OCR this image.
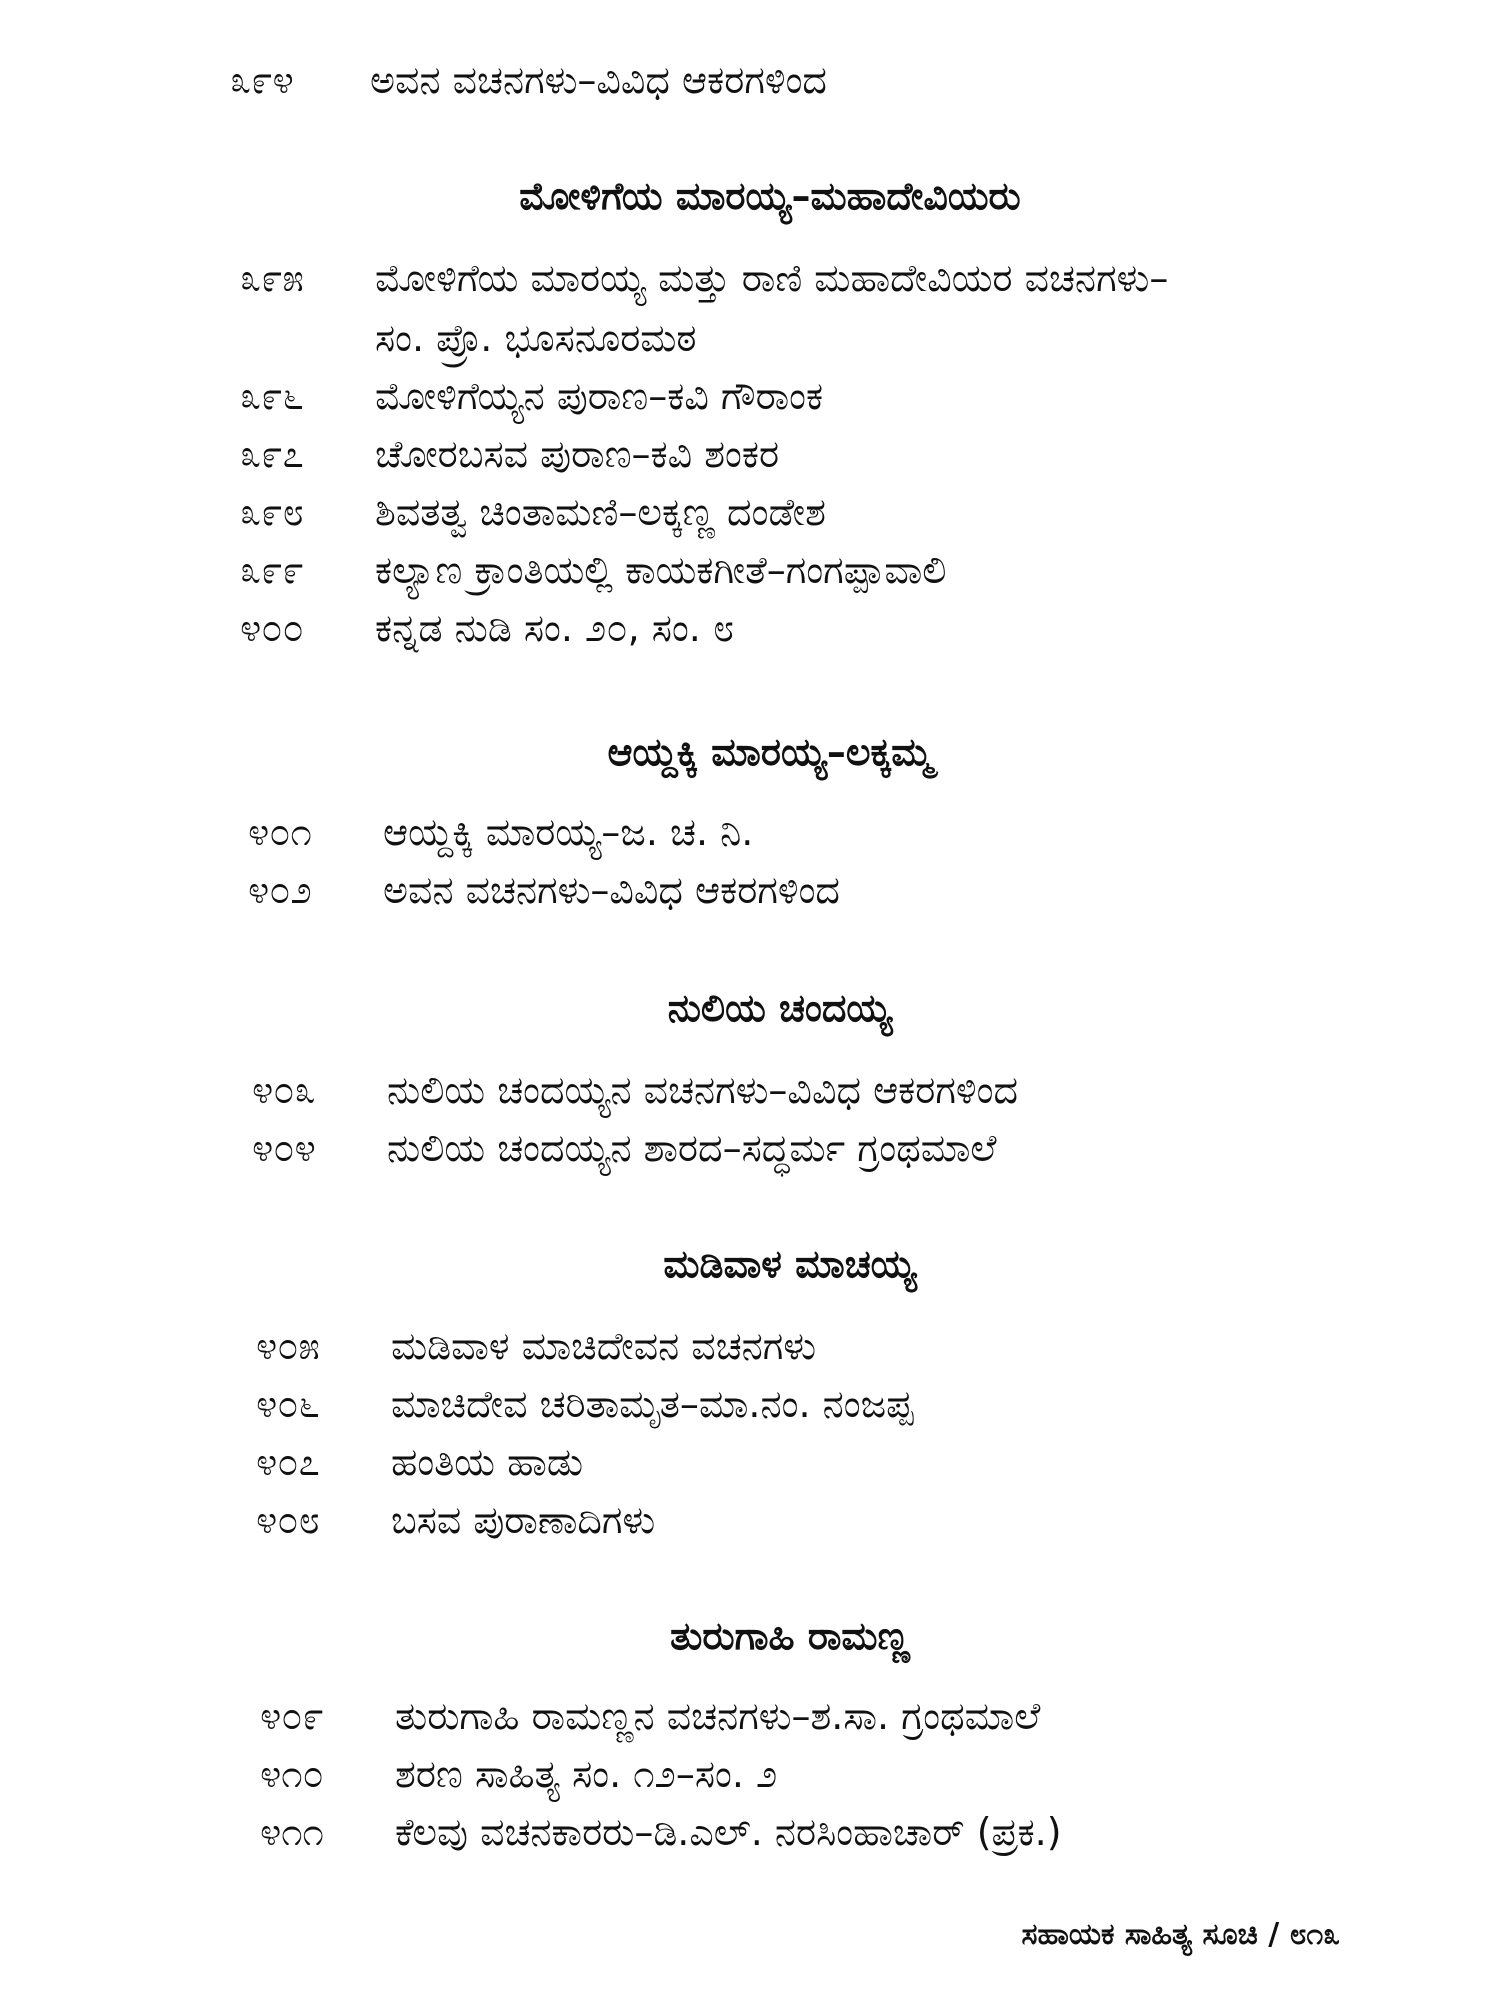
೩೯೪ ಅವನ ವಚನಗಳು–ವಿವಿಧ ಆಕರಗಳಿಂದ
ಮೋಳಿಗೆಯ ಮಾರಯ್ಯ–ಮಹಾದೇವಿಯರು
೩೯೫ ಮೋಳಿಗೆಯ ಮಾರಯ್ಯ ಮತ್ತು ರಾಣಿ ಮಹಾದೇವಿಯರ ವಚನಗಳು–
ಸಂ. ಪ್ರೊ. ಭೂಸನೂರಮಠ
೩೯೬ ಮೋಳಿಗೆಯ್ಯನ ಪುರಾಣ–ಕವಿ ಗೌರಾಂಕ
೩೯೭ ಚೋರಬಸವ ಪುರಾಣ–ಕವಿ ಶಂಕರ
೩೯೮ ಶಿವತತ್ವ ಚಿಂತಾಮಣಿ–ಲಕ್ಕಣ್ಣ ದಂಡೇಶ
೩೯೯ ಕಲ್ಯಾಣ ಕ್ರಾಂತಿಯಲ್ಲಿ ಕಾಯಕಗೀತೆ–ಗಂಗಪ್ಪಾವಾಲಿ
೪೦೦ ಕನ್ನಡ ನುಡಿ ಸಂ. ೨೦, ಸಂ. ೮
ಆಯ್ದಕ್ಕಿ ಮಾರಯ್ಯ–ಲಕ್ಕಮ್ಮ
೪೦೧ ಆಯ್ದಕ್ಕಿ ಮಾರಯ್ಯ–ಜ. ಚ. ನಿ.
೪೦೨ ಅವನ ವಚನಗಳು–ವಿವಿಧ ಆಕರಗಳಿಂದ
ನುಲಿಯ ಚಂದಯ್ಯ
೪೦೩ ನುಲಿಯ ಚಂದಯ್ಯನ ವಚನಗಳು–ವಿವಿಧ ಆಕರಗಳಿಂದ
೪೦೪ ನುಲಿಯ ಚಂದಯ್ಯನ ಶಾರದ–ಸದ್ಧರ್ಮ ಗ್ರಂಥಮಾಲೆ
ಮಡಿವಾಳ ಮಾಚಯ್ಯ
೪೦೫ ಮಡಿವಾಳ ಮಾಚಿದೇವನ ವಚನಗಳು
೪೦೬ ಮಾಚಿದೇವ ಚರಿತಾಮೃತ–ಮಾ.ನಂ. ನಂಜಪ್ಪ
೪೦೭ ಹಂತಿಯ ಹಾಡು
೪೦೮ ಬಸವ ಪುರಾಣಾದಿಗಳು
ತುರುಗಾಹಿ ರಾಮಣ್ಣ
೪೦೯ ತುರುಗಾಹಿ ರಾಮಣ್ಣನ ವಚನಗಳು–ಶ.ಸಾ. ಗ್ರಂಥಮಾಲೆ
೪೧೦ ಶರಣ ಸಾಹಿತ್ಯ ಸಂ. ೧೨–ಸಂ. ೨
೪೧೧ ಕೆಲವು ವಚನಕಾರರು–ಡಿ.ಎಲ್. ನರಸಿಂಹಾಚಾರ್ (ಪ್ರಕ.)
ಸಹಾಯಕ ಸಾಹಿತ್ಯ ಸೂಚಿ / ೮೧೩
